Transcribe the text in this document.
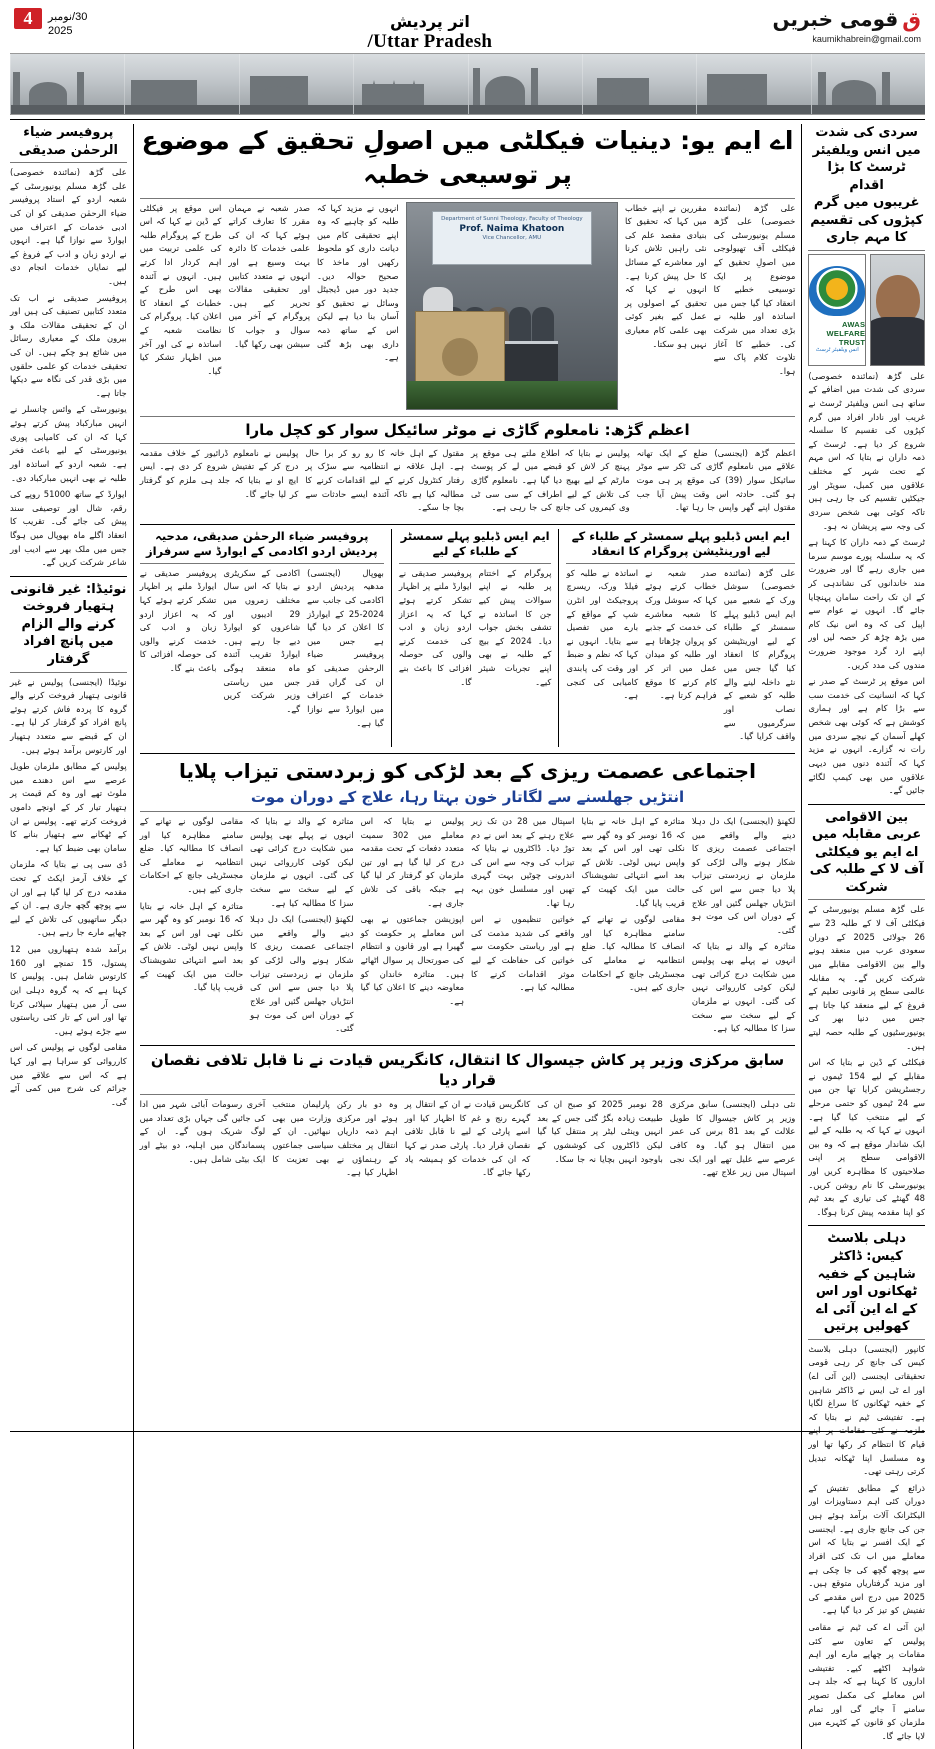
ققومی خبریں
kaumikhabrein@gmail.com
اتر پردیش
Uttar Pradesh/
4	30/نومبر
2025
سردی کی شدت میں انس ویلفیئر ٹرسٹ کا بڑا اقدام
غریبوں میں گرم کپڑوں کی تقسیم کا مہم جاری
AWAS WELFARE TRUST
انس ویلفیئر ٹرسٹ

علی گڑھ (نمائندہ خصوصی) سردی کی شدت میں اضافے کے ساتھ ہی انس ویلفیئر ٹرسٹ نے غریب اور نادار افراد میں گرم کپڑوں کی تقسیم کا سلسلہ شروع کر دیا ہے۔ ٹرسٹ کے ذمہ داران نے بتایا کہ اس مہم کے تحت شہر کے مختلف علاقوں میں کمبل، سویٹر اور جیکٹیں تقسیم کی جا رہی ہیں تاکہ کوئی بھی شخص سردی کی وجہ سے پریشان نہ ہو۔

ٹرسٹ کے ذمہ داران کا کہنا ہے کہ یہ سلسلہ پورے موسم سرما میں جاری رہے گا اور ضرورت مند خاندانوں کی نشاندہی کر کے ان تک راحت سامان پہنچایا جائے گا۔ انہوں نے عوام سے اپیل کی کہ وہ اس نیک کام میں بڑھ چڑھ کر حصہ لیں اور اپنے ارد گرد موجود ضرورت مندوں کی مدد کریں۔

اس موقع پر ٹرسٹ کے صدر نے کہا کہ انسانیت کی خدمت سب سے بڑا کام ہے اور ہماری کوشش ہے کہ کوئی بھی شخص کھلے آسمان کے نیچے سردی میں رات نہ گزارے۔ انہوں نے مزید کہا کہ آئندہ دنوں میں دیہی علاقوں میں بھی کیمپ لگائے جائیں گے۔

بین الاقوامی عربی مقابلہ میں اے ایم یو فیکلٹی آف لا کے طلبہ کی شرکت

علی گڑھ مسلم یونیورسٹی کے فیکلٹی آف لا کے طلبہ 23 سے 26 جولائی 2025 کے دوران سعودی عرب میں منعقد ہونے والے بین الاقوامی مقابلے میں شرکت کریں گے۔ یہ مقابلہ عالمی سطح پر قانونی تعلیم کے فروغ کے لیے منعقد کیا جاتا ہے جس میں دنیا بھر کی یونیورسٹیوں کے طلبہ حصہ لیتے ہیں۔

فیکلٹی کے ڈین نے بتایا کہ اس مقابلے کے لیے 154 ٹیموں نے رجسٹریشن کرایا تھا جن میں سے 24 ٹیموں کو حتمی مرحلے کے لیے منتخب کیا گیا ہے۔ انہوں نے کہا کہ یہ طلبہ کے لیے ایک شاندار موقع ہے کہ وہ بین الاقوامی سطح پر اپنی صلاحیتوں کا مظاہرہ کریں اور یونیورسٹی کا نام روشن کریں۔ 48 گھنٹے کی تیاری کے بعد ٹیم کو اپنا مقدمہ پیش کرنا ہوگا۔

دہلی بلاسٹ کیس: ڈاکٹر شاہین کے خفیہ ٹھکانوں اور اس کے اے این آئی اے کھولیں پرتیں

کانپور (ایجنسی) دہلی بلاسٹ کیس کی جانچ کر رہی قومی تحقیقاتی ایجنسی (این آئی اے) اور اے ٹی ایس نے ڈاکٹر شاہین کے خفیہ ٹھکانوں کا سراغ لگایا ہے۔ تفتیشی ٹیم نے بتایا کہ ملزمہ نے کئی مقامات پر اپنے قیام کا انتظام کر رکھا تھا اور وہ مسلسل اپنا ٹھکانہ تبدیل کرتی رہتی تھی۔

ذرائع کے مطابق تفتیش کے دوران کئی اہم دستاویزات اور الیکٹرانک آلات برآمد ہوئے ہیں جن کی جانچ جاری ہے۔ ایجنسی کے ایک افسر نے بتایا کہ اس معاملے میں اب تک کئی افراد سے پوچھ گچھ کی جا چکی ہے اور مزید گرفتاریاں متوقع ہیں۔ 2025 میں درج اس مقدمے کی تفتیش کو تیز کر دیا گیا ہے۔

این آئی اے کی ٹیم نے مقامی پولیس کے تعاون سے کئی مقامات پر چھاپے مارے اور اہم شواہد اکٹھے کیے۔ تفتیشی اداروں کا کہنا ہے کہ جلد ہی اس معاملے کی مکمل تصویر سامنے آ جائے گی اور تمام ملزمان کو قانون کے کٹہرے میں لایا جائے گا۔

اے ایم یو: دینیات فیکلٹی میں اصولِ تحقیق کے موضوع پر توسیعی خطبہ

علی گڑھ (نمائندہ خصوصی) علی گڑھ مسلم یونیورسٹی کی فیکلٹی آف تھیولوجی میں اصولِ تحقیق کے موضوع پر ایک توسیعی خطبے کا انعقاد کیا گیا جس میں اساتذہ اور طلبہ نے بڑی تعداد میں شرکت کی۔ خطبے کا آغاز تلاوت کلام پاک سے ہوا۔

مقررین نے اپنے خطاب میں کہا کہ تحقیق کا بنیادی مقصد علم کی نئی راہیں تلاش کرنا اور معاشرے کے مسائل کا حل پیش کرنا ہے۔ انہوں نے کہا کہ تحقیق کے اصولوں پر عمل کیے بغیر کوئی بھی علمی کام معیاری نہیں ہو سکتا۔

Department of Sunni Theology, Faculty of Theology
Prof. Naima Khatoon
Vice Chancellor, AMU

انہوں نے مزید کہا کہ طلبہ کو چاہیے کہ وہ اپنے تحقیقی کام میں دیانت داری کو ملحوظ رکھیں اور ماخذ کا صحیح حوالہ دیں۔ جدید دور میں ڈیجیٹل وسائل نے تحقیق کو آسان بنا دیا ہے لیکن اس کے ساتھ ذمہ داری بھی بڑھ گئی ہے۔

صدر شعبہ نے مہمان مقرر کا تعارف کراتے ہوئے کہا کہ ان کی علمی خدمات کا دائرہ بہت وسیع ہے اور انہوں نے متعدد کتابیں اور تحقیقی مقالات تحریر کیے ہیں۔ پروگرام کے آخر میں سوال و جواب کا سیشن بھی رکھا گیا۔

اس موقع پر فیکلٹی کے ڈین نے کہا کہ اس طرح کے پروگرام طلبہ کی علمی تربیت میں اہم کردار ادا کرتے ہیں۔ انہوں نے آئندہ بھی اس طرح کے خطبات کے انعقاد کا اعلان کیا۔ پروگرام کی نظامت شعبہ کے اساتذہ نے کی اور آخر میں اظہار تشکر کیا گیا۔

اعظم گڑھ: نامعلوم گاڑی نے موٹر سائیکل سوار کو کچل مارا

اعظم گڑھ (ایجنسی) ضلع کے ایک تھانہ علاقے میں نامعلوم گاڑی کی ٹکر سے موٹر سائیکل سوار (39) کی موقع پر ہی موت ہو گئی۔ حادثہ اس وقت پیش آیا جب مقتول اپنے گھر واپس جا رہا تھا۔

پولیس نے بتایا کہ اطلاع ملتے ہی موقع پر پہنچ کر لاش کو قبضے میں لے کر پوسٹ مارٹم کے لیے بھیج دیا گیا ہے۔ نامعلوم گاڑی کی تلاش کے لیے اطراف کے سی سی ٹی وی کیمروں کی جانچ کی جا رہی ہے۔

مقتول کے اہل خانہ کا رو رو کر برا حال ہے۔ اہل علاقہ نے انتظامیہ سے سڑک پر رفتار کنٹرول کرنے کے لیے اقدامات کرنے کا مطالبہ کیا ہے تاکہ آئندہ ایسے حادثات سے بچا جا سکے۔

پولیس نے نامعلوم ڈرائیور کے خلاف مقدمہ درج کر کے تفتیش شروع کر دی ہے۔ ایس ایچ او نے بتایا کہ جلد ہی ملزم کو گرفتار کر لیا جائے گا۔

ایم ایس ڈبلیو پہلے سمسٹر کے طلباء کے لیے اورینٹیشن پروگرام کا انعقاد

علی گڑھ (نمائندہ خصوصی) سوشل ورک کے شعبے میں ایم ایس ڈبلیو پہلے سمسٹر کے طلباء کے لیے اورینٹیشن پروگرام کا انعقاد کیا گیا جس میں نئے داخلہ لینے والے طلبہ کو شعبے کے نصاب اور سرگرمیوں سے واقف کرایا گیا۔

صدر شعبہ نے خطاب کرتے ہوئے کہا کہ سوشل ورک کا شعبہ معاشرے کی خدمت کے جذبے کو پروان چڑھاتا ہے اور طلبہ کو میدان عمل میں اتر کر کام کرنے کا موقع فراہم کرتا ہے۔

اساتذہ نے طلبہ کو فیلڈ ورک، ریسرچ پروجیکٹ اور انٹرن شپ کے مواقع کے بارے میں تفصیل سے بتایا۔ انہوں نے کہا کہ نظم و ضبط اور وقت کی پابندی کامیابی کی کنجی ہے۔

ایم ایس ڈبلیو پہلے سمسٹر کے طلباء کے لیے

پروگرام کے اختتام پر طلبہ نے اپنے سوالات پیش کیے جن کا اساتذہ نے تشفی بخش جواب دیا۔ 2024 کے بیچ کے طلبہ نے بھی اپنے تجربات شیئر کیے۔

پروفیسر صدیقی نے ایوارڈ ملنے پر اظہار تشکر کرتے ہوئے کہا کہ یہ اعزاز اردو زبان و ادب کی خدمت کرنے والوں کی حوصلہ افزائی کا باعث بنے گا۔

پروفیسر ضیاء الرحمٰن صدیقی، مدحیہ پردیش اردو اکادمی کے ایوارڈ سے سرفراز

بھوپال (ایجنسی) مدھیہ پردیش اردو اکادمی کی جانب سے 2024-25 کے ایوارڈز کا اعلان کر دیا گیا ہے جس میں پروفیسر ضیاء الرحمٰن صدیقی کو ان کی گراں قدر خدمات کے اعتراف میں ایوارڈ سے نوازا گیا ہے۔

اکادمی کے سکریٹری نے بتایا کہ اس سال مختلف زمروں میں 29 ادیبوں اور شاعروں کو ایوارڈ دیے جا رہے ہیں۔ ایوارڈ تقریب آئندہ ماہ منعقد ہوگی جس میں ریاستی وزیر شرکت کریں گے۔

پروفیسر صدیقی نے ایوارڈ ملنے پر اظہار تشکر کرتے ہوئے کہا کہ یہ اعزاز اردو زبان و ادب کی خدمت کرنے والوں کی حوصلہ افزائی کا باعث بنے گا۔

اجتماعی عصمت ریزی کے بعد لڑکی کو زبردستی تیزاب پلایا
انتڑیں جھلسنے سے لگاتار خون بہتا رہا، علاج کے دوران موت

لکھنؤ (ایجنسی) ایک دل دہلا دینے والے واقعے میں اجتماعی عصمت ریزی کا شکار ہونے والی لڑکی کو ملزمان نے زبردستی تیزاب پلا دیا جس سے اس کی انتڑیاں جھلس گئیں اور علاج کے دوران اس کی موت ہو گئی۔

متاثرہ کے والد نے بتایا کہ انہوں نے پہلے بھی پولیس میں شکایت درج کرائی تھی لیکن کوئی کارروائی نہیں کی گئی۔ انہوں نے ملزمان کے لیے سخت سے سخت سزا کا مطالبہ کیا ہے۔

متاثرہ کے اہل خانہ نے بتایا کہ 16 نومبر کو وہ گھر سے نکلی تھی اور اس کے بعد واپس نہیں لوٹی۔ تلاش کے بعد اسے انتہائی تشویشناک حالت میں ایک کھیت کے قریب پایا گیا۔

مقامی لوگوں نے تھانے کے سامنے مظاہرہ کیا اور انصاف کا مطالبہ کیا۔ ضلع انتظامیہ نے معاملے کی مجسٹریٹی جانچ کے احکامات جاری کیے ہیں۔

اسپتال میں 28 دن تک زیر علاج رہنے کے بعد اس نے دم توڑ دیا۔ ڈاکٹروں نے بتایا کہ تیزاب کی وجہ سے اس کی اندرونی چوٹیں بہت گہری تھیں اور مسلسل خون بہہ رہا تھا۔

خواتین تنظیموں نے اس واقعے کی شدید مذمت کی ہے اور ریاستی حکومت سے خواتین کی حفاظت کے لیے موثر اقدامات کرنے کا مطالبہ کیا ہے۔

پولیس نے بتایا کہ اس معاملے میں 302 سمیت متعدد دفعات کے تحت مقدمہ درج کر لیا گیا ہے اور تین ملزمان کو گرفتار کر لیا گیا ہے جبکہ باقی کی تلاش جاری ہے۔

اپوزیشن جماعتوں نے بھی اس معاملے پر حکومت کو گھیرا ہے اور قانون و انتظام کی صورتحال پر سوال اٹھائے ہیں۔ متاثرہ خاندان کو معاوضہ دینے کا اعلان کیا گیا ہے۔

متاثرہ کے والد نے بتایا کہ انہوں نے پہلے بھی پولیس میں شکایت درج کرائی تھی لیکن کوئی کارروائی نہیں کی گئی۔ انہوں نے ملزمان کے لیے سخت سے سخت سزا کا مطالبہ کیا ہے۔

لکھنؤ (ایجنسی) ایک دل دہلا دینے والے واقعے میں اجتماعی عصمت ریزی کا شکار ہونے والی لڑکی کو ملزمان نے زبردستی تیزاب پلا دیا جس سے اس کی انتڑیاں جھلس گئیں اور علاج کے دوران اس کی موت ہو گئی۔

مقامی لوگوں نے تھانے کے سامنے مظاہرہ کیا اور انصاف کا مطالبہ کیا۔ ضلع انتظامیہ نے معاملے کی مجسٹریٹی جانچ کے احکامات جاری کیے ہیں۔

متاثرہ کے اہل خانہ نے بتایا کہ 16 نومبر کو وہ گھر سے نکلی تھی اور اس کے بعد واپس نہیں لوٹی۔ تلاش کے بعد اسے انتہائی تشویشناک حالت میں ایک کھیت کے قریب پایا گیا۔

سابق مرکزی وزیر پر کاش جیسوال کا انتقال، کانگریس قیادت نے نا قابل تلافی نقصان قرار دیا

نئی دہلی (ایجنسی) سابق مرکزی وزیر پر کاش جیسوال کا طویل علالت کے بعد 81 برس کی عمر میں انتقال ہو گیا۔ وہ کافی عرصے سے علیل تھے اور ایک نجی اسپتال میں زیر علاج تھے۔

28 نومبر 2025 کو صبح ان کی طبیعت زیادہ بگڑ گئی جس کے بعد انہیں وینٹی لیٹر پر منتقل کیا گیا لیکن ڈاکٹروں کی کوششوں کے باوجود انہیں بچایا نہ جا سکا۔

کانگریس قیادت نے ان کے انتقال پر گہرے رنج و غم کا اظہار کیا اور اسے پارٹی کے لیے نا قابل تلافی نقصان قرار دیا۔ پارٹی صدر نے کہا کہ ان کی خدمات کو ہمیشہ یاد رکھا جائے گا۔

وہ دو بار رکن پارلیمان منتخب ہوئے اور مرکزی وزارت میں بھی اہم ذمہ داریاں نبھائیں۔ ان کے انتقال پر مختلف سیاسی جماعتوں کے رہنماؤں نے بھی تعزیت کا اظہار کیا ہے۔

آخری رسومات آبائی شہر میں ادا کی جائیں گی جہاں بڑی تعداد میں لوگ شریک ہوں گے۔ ان کے پسماندگان میں اہلیہ، دو بیٹے اور ایک بیٹی شامل ہیں۔

پروفیسر ضیاء الرحمٰن صدیقی

علی گڑھ (نمائندہ خصوصی) علی گڑھ مسلم یونیورسٹی کے شعبہ اردو کے استاد پروفیسر ضیاء الرحمٰن صدیقی کو ان کی ادبی خدمات کے اعتراف میں ایوارڈ سے نوازا گیا ہے۔ انہوں نے اردو زبان و ادب کے فروغ کے لیے نمایاں خدمات انجام دی ہیں۔

پروفیسر صدیقی نے اب تک متعدد کتابیں تصنیف کی ہیں اور ان کے تحقیقی مقالات ملک و بیرون ملک کے معیاری رسائل میں شائع ہو چکے ہیں۔ ان کی تحقیقی خدمات کو علمی حلقوں میں بڑی قدر کی نگاہ سے دیکھا جاتا ہے۔

یونیورسٹی کے وائس چانسلر نے انہیں مبارکباد پیش کرتے ہوئے کہا کہ ان کی کامیابی پوری یونیورسٹی کے لیے باعث فخر ہے۔ شعبہ اردو کے اساتذہ اور طلبہ نے بھی انہیں مبارکباد دی۔

ایوارڈ کے ساتھ 51000 روپے کی رقم، شال اور توصیفی سند پیش کی جائے گی۔ تقریب کا انعقاد اگلے ماہ بھوپال میں ہوگا جس میں ملک بھر سے ادیب اور شاعر شرکت کریں گے۔

نوئیڈا: غیر قانونی ہتھیار فروخت کرنے والے الزام میں پانچ افراد گرفتار

نوئیڈا (ایجنسی) پولیس نے غیر قانونی ہتھیار فروخت کرنے والے گروہ کا پردہ فاش کرتے ہوئے پانچ افراد کو گرفتار کر لیا ہے۔ ان کے قبضے سے متعدد ہتھیار اور کارتوس برآمد ہوئے ہیں۔

پولیس کے مطابق ملزمان طویل عرصے سے اس دھندے میں ملوث تھے اور وہ کم قیمت پر ہتھیار تیار کر کے اونچے داموں فروخت کرتے تھے۔ پولیس نے ان کے ٹھکانے سے ہتھیار بنانے کا سامان بھی ضبط کیا ہے۔

ڈی سی پی نے بتایا کہ ملزمان کے خلاف آرمز ایکٹ کے تحت مقدمہ درج کر لیا گیا ہے اور ان سے پوچھ گچھ جاری ہے۔ ان کے دیگر ساتھیوں کی تلاش کے لیے چھاپے مارے جا رہے ہیں۔

برآمد شدہ ہتھیاروں میں 12 پستول، 15 تمنچے اور 160 کارتوس شامل ہیں۔ پولیس کا کہنا ہے کہ یہ گروہ دہلی این سی آر میں ہتھیار سپلائی کرتا تھا اور اس کے تار کئی ریاستوں سے جڑے ہوئے ہیں۔

مقامی لوگوں نے پولیس کی اس کارروائی کو سراہا ہے اور کہا ہے کہ اس سے علاقے میں جرائم کی شرح میں کمی آئے گی۔
